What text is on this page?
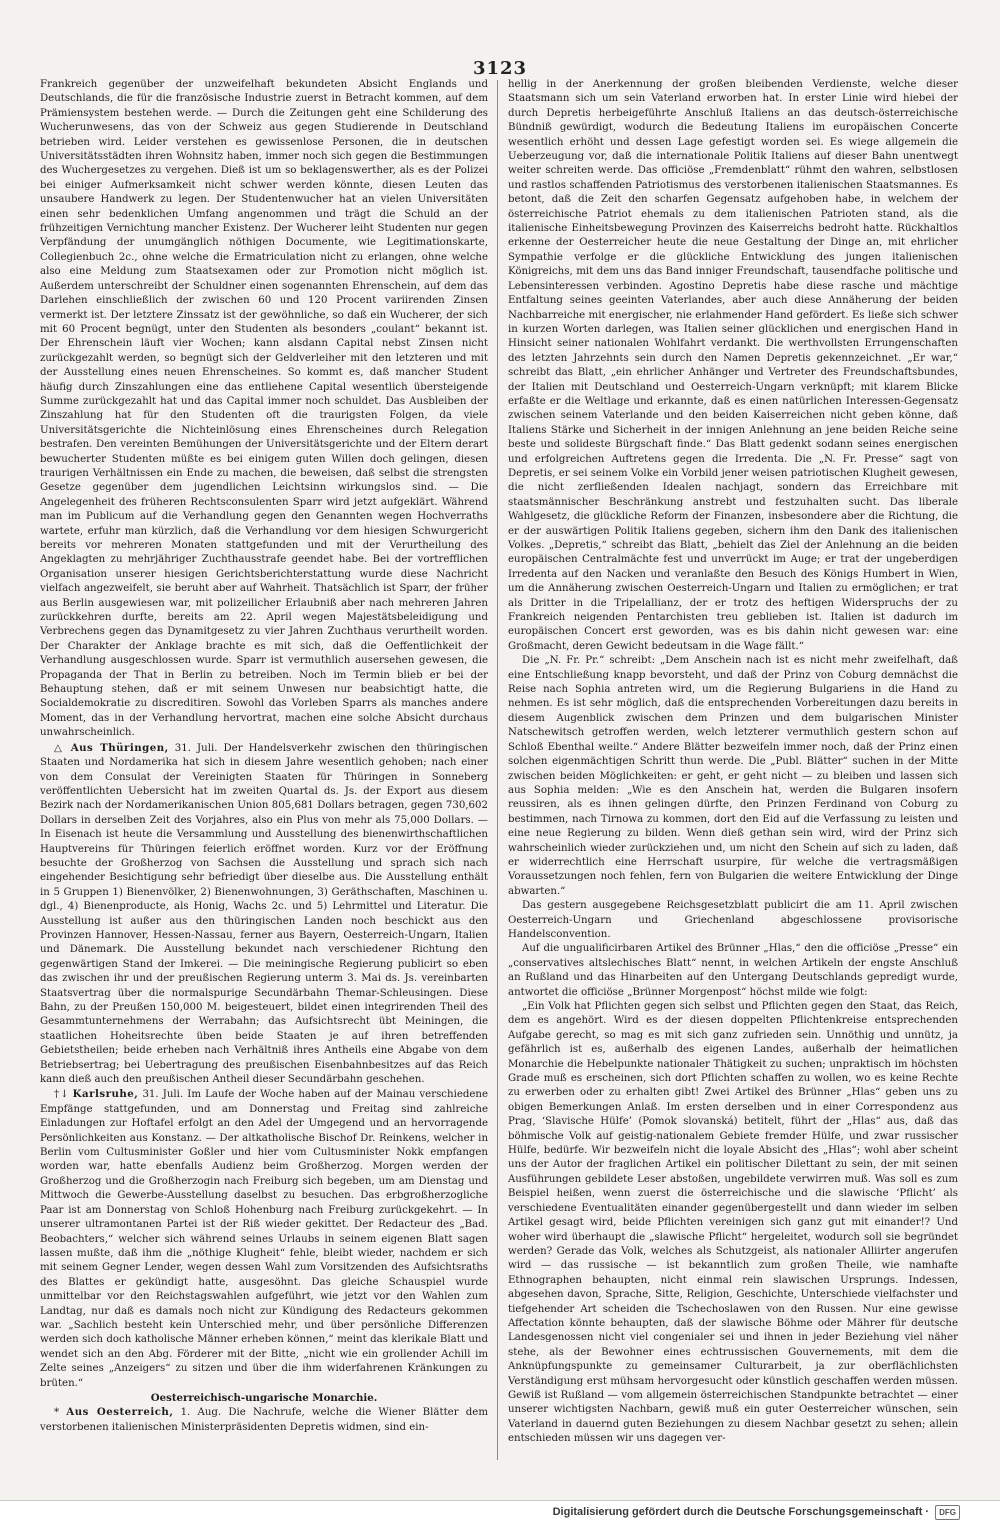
3123

Frankreich gegenüber der unzweifelhaft bekundeten Absicht Englands und Deutschlands, die für die französische Industrie zuerst in Betracht kommen, auf dem Prämiensystem bestehen werde. — Durch die Zeitungen geht eine Schilderung des Wucherunwesens, das von der Schweiz aus gegen Studierende in Deutschland betrieben wird. Leider verstehen es gewissenlose Personen, die in deutschen Universitätsstädten ihren Wohnsitz haben, immer noch sich gegen die Bestimmungen des Wuchergesetzes zu vergehen. Dieß ist um so beklagenswerther, als es der Polizei bei einiger Aufmerksamkeit nicht schwer werden könnte, diesen Leuten das unsaubere Handwerk zu legen. Der Studentenwucher hat an vielen Universitäten einen sehr bedenklichen Umfang angenommen und trägt die Schuld an der frühzeitigen Vernichtung mancher Existenz. Der Wucherer leiht Studenten nur gegen Verpfändung der unumgänglich nöthigen Documente, wie Legitimationskarte, Collegienbuch 2c., ohne welche die Ermatriculation nicht zu erlangen, ohne welche also eine Meldung zum Staatsexamen oder zur Promotion nicht möglich ist. Außerdem unterschreibt der Schuldner einen sogenannten Ehrenschein, auf dem das Darlehen einschließlich der zwischen 60 und 120 Procent variirenden Zinsen vermerkt ist. Der letztere Zinssatz ist der gewöhnliche, so daß ein Wucherer, der sich mit 60 Procent begnügt, unter den Studenten als besonders „coulant“ bekannt ist. Der Ehrenschein läuft vier Wochen; kann alsdann Capital nebst Zinsen nicht zurückgezahlt werden, so begnügt sich der Geldverleiher mit den letzteren und mit der Ausstellung eines neuen Ehrenscheines. So kommt es, daß mancher Student häufig durch Zinszahlungen eine das entliehene Capital wesentlich übersteigende Summe zurückgezahlt hat und das Capital immer noch schuldet. Das Ausbleiben der Zinszahlung hat für den Studenten oft die traurigsten Folgen, da viele Universitätsgerichte die Nichteinlösung eines Ehrenscheines durch Relegation bestrafen. Den vereinten Bemühungen der Universitätsgerichte und der Eltern derart bewucherter Studenten müßte es bei einigem guten Willen doch gelingen, diesen traurigen Verhältnissen ein Ende zu machen, die beweisen, daß selbst die strengsten Gesetze gegenüber dem jugendlichen Leichtsinn wirkungslos sind. — Die Angelegenheit des früheren Rechtsconsulenten Sparr wird jetzt aufgeklärt. Während man im Publicum auf die Verhandlung gegen den Genannten wegen Hochverraths wartete, erfuhr man kürzlich, daß die Verhandlung vor dem hiesigen Schwurgericht bereits vor mehreren Monaten stattgefunden und mit der Verurtheilung des Angeklagten zu mehrjähriger Zuchthausstrafe geendet habe. Bei der vortrefflichen Organisation unserer hiesigen Gerichtsberichterstattung wurde diese Nachricht vielfach angezweifelt, sie beruht aber auf Wahrheit. Thatsächlich ist Sparr, der früher aus Berlin ausgewiesen war, mit polizeilicher Erlaubniß aber nach mehreren Jahren zurückkehren durfte, bereits am 22. April wegen Majestätsbeleidigung und Verbrechens gegen das Dynamitgesetz zu vier Jahren Zuchthaus verurtheilt worden. Der Charakter der Anklage brachte es mit sich, daß die Oeffentlichkeit der Verhandlung ausgeschlossen wurde. Sparr ist vermuthlich ausersehen gewesen, die Propaganda der That in Berlin zu betreiben. Noch im Termin blieb er bei der Behauptung stehen, daß er mit seinem Unwesen nur beabsichtigt hatte, die Socialdemokratie zu discreditiren. Sowohl das Vorleben Sparrs als manches andere Moment, das in der Verhandlung hervortrat, machen eine solche Absicht durchaus unwahrscheinlich.

△ Aus Thüringen, 31. Juli. Der Handelsverkehr zwischen den thüringischen Staaten und Nordamerika hat sich in diesem Jahre wesentlich gehoben; nach einer von dem Consulat der Vereinigten Staaten für Thüringen in Sonneberg veröffentlichten Uebersicht hat im zweiten Quartal ds. Js. der Export aus diesem Bezirk nach der Nordamerikanischen Union 805,681 Dollars betragen, gegen 730,602 Dollars in derselben Zeit des Vorjahres, also ein Plus von mehr als 75,000 Dollars. — In Eisenach ist heute die Versammlung und Ausstellung des bienenwirthschaftlichen Hauptvereins für Thüringen feierlich eröffnet worden. Kurz vor der Eröffnung besuchte der Großherzog von Sachsen die Ausstellung und sprach sich nach eingehender Besichtigung sehr befriedigt über dieselbe aus. Die Ausstellung enthält in 5 Gruppen 1) Bienenvölker, 2) Bienenwohnungen, 3) Geräthschaften, Maschinen u. dgl., 4) Bienenproducte, als Honig, Wachs 2c. und 5) Lehrmittel und Literatur. Die Ausstellung ist außer aus den thüringischen Landen noch beschickt aus den Provinzen Hannover, Hessen-Nassau, ferner aus Bayern, Oesterreich-Ungarn, Italien und Dänemark. Die Ausstellung bekundet nach verschiedener Richtung den gegenwärtigen Stand der Imkerei. — Die meiningische Regierung publicirt so eben das zwischen ihr und der preußischen Regierung unterm 3. Mai ds. Js. vereinbarten Staatsvertrag über die normalspurige Secundärbahn Themar-Schleusingen. Diese Bahn, zu der Preußen 150,000 M. beigesteuert, bildet einen integrirenden Theil des Gesammtunternehmens der Werrabahn; das Aufsichtsrecht übt Meiningen, die staatlichen Hoheitsrechte üben beide Staaten je auf ihren betreffenden Gebietstheilen; beide erheben nach Verhältniß ihres Antheils eine Abgabe von dem Betriebsertrag; bei Uebertragung des preußischen Eisenbahnbesitzes auf das Reich kann dieß auch den preußischen Antheil dieser Secundärbahn geschehen.

†↓ Karlsruhe, 31. Juli. Im Laufe der Woche haben auf der Mainau verschiedene Empfänge stattgefunden, und am Donnerstag und Freitag sind zahlreiche Einladungen zur Hoftafel erfolgt an den Adel der Umgegend und an hervorragende Persönlichkeiten aus Konstanz. — Der altkatholische Bischof Dr. Reinkens, welcher in Berlin vom Cultusminister Goßler und hier vom Cultusminister Nokk empfangen worden war, hatte ebenfalls Audienz beim Großherzog. Morgen werden der Großherzog und die Großherzogin nach Freiburg sich begeben, um am Dienstag und Mittwoch die Gewerbe-Ausstellung daselbst zu besuchen. Das erbgroßherzogliche Paar ist am Donnerstag von Schloß Hohenburg nach Freiburg zurückgekehrt. — In unserer ultramontanen Partei ist der Riß wieder gekittet. Der Redacteur des „Bad. Beobachters,“ welcher sich während seines Urlaubs in seinem eigenen Blatt sagen lassen mußte, daß ihm die „nöthige Klugheit“ fehle, bleibt wieder, nachdem er sich mit seinem Gegner Lender, wegen dessen Wahl zum Vorsitzenden des Aufsichtsraths des Blattes er gekündigt hatte, ausgesöhnt. Das gleiche Schauspiel wurde unmittelbar vor den Reichstagswahlen aufgeführt, wie jetzt vor den Wahlen zum Landtag, nur daß es damals noch nicht zur Kündigung des Redacteurs gekommen war. „Sachlich besteht kein Unterschied mehr, und über persönliche Differenzen werden sich doch katholische Männer erheben können,“ meint das klerikale Blatt und wendet sich an den Abg. Förderer mit der Bitte, „nicht wie ein grollender Achill im Zelte seines „Anzeigers“ zu sitzen und über die ihm widerfahrenen Kränkungen zu brüten.“

Oesterreichisch-ungarische Monarchie.

* Aus Oesterreich, 1. Aug. Die Nachrufe, welche die Wiener Blätter dem verstorbenen italienischen Ministerpräsidenten Depretis widmen, sind ein-

hellig in der Anerkennung der großen bleibenden Verdienste, welche dieser Staatsmann sich um sein Vaterland erworben hat. In erster Linie wird hiebei der durch Depretis herbeigeführte Anschluß Italiens an das deutsch-österreichische Bündniß gewürdigt, wodurch die Bedeutung Italiens im europäischen Concerte wesentlich erhöht und dessen Lage gefestigt worden sei. Es wiege allgemein die Ueberzeugung vor, daß die internationale Politik Italiens auf dieser Bahn unentwegt weiter schreiten werde. Das officiöse „Fremdenblatt“ rühmt den wahren, selbstlosen und rastlos schaffenden Patriotismus des verstorbenen italienischen Staatsmannes. Es betont, daß die Zeit den scharfen Gegensatz aufgehoben habe, in welchem der österreichische Patriot ehemals zu dem italienischen Patrioten stand, als die italienische Einheitsbewegung Provinzen des Kaiserreichs bedroht hatte. Rückhaltlos erkenne der Oesterreicher heute die neue Gestaltung der Dinge an, mit ehrlicher Sympathie verfolge er die glückliche Entwicklung des jungen italienischen Königreichs, mit dem uns das Band inniger Freundschaft, tausendfache politische und Lebensinteressen verbinden. Agostino Depretis habe diese rasche und mächtige Entfaltung seines geeinten Vaterlandes, aber auch diese Annäherung der beiden Nachbarreiche mit energischer, nie erlahmender Hand gefördert. Es ließe sich schwer in kurzen Worten darlegen, was Italien seiner glücklichen und energischen Hand in Hinsicht seiner nationalen Wohlfahrt verdankt. Die werthvollsten Errungenschaften des letzten Jahrzehnts sein durch den Namen Depretis gekennzeichnet. „Er war,“ schreibt das Blatt, „ein ehrlicher Anhänger und Vertreter des Freundschaftsbundes, der Italien mit Deutschland und Oesterreich-Ungarn verknüpft; mit klarem Blicke erfaßte er die Weltlage und erkannte, daß es einen natürlichen Interessen-Gegensatz zwischen seinem Vaterlande und den beiden Kaiserreichen nicht geben könne, daß Italiens Stärke und Sicherheit in der innigen Anlehnung an jene beiden Reiche seine beste und solideste Bürgschaft finde.“ Das Blatt gedenkt sodann seines energischen und erfolgreichen Auftretens gegen die Irredenta. Die „N. Fr. Presse“ sagt von Depretis, er sei seinem Volke ein Vorbild jener weisen patriotischen Klugheit gewesen, die nicht zerfließenden Idealen nachjagt, sondern das Erreichbare mit staatsmännischer Beschränkung anstrebt und festzuhalten sucht. Das liberale Wahlgesetz, die glückliche Reform der Finanzen, insbesondere aber die Richtung, die er der auswärtigen Politik Italiens gegeben, sichern ihm den Dank des italienischen Volkes. „Depretis,“ schreibt das Blatt, „behielt das Ziel der Anlehnung an die beiden europäischen Centralmächte fest und unverrückt im Auge; er trat der ungeberdigen Irredenta auf den Nacken und veranlaßte den Besuch des Königs Humbert in Wien, um die Annäherung zwischen Oesterreich-Ungarn und Italien zu ermöglichen; er trat als Dritter in die Tripelallianz, der er trotz des heftigen Widerspruchs der zu Frankreich neigenden Pentarchisten treu geblieben ist. Italien ist dadurch im europäischen Concert erst geworden, was es bis dahin nicht gewesen war: eine Großmacht, deren Gewicht bedeutsam in die Wage fällt.“

Die „N. Fr. Pr.“ schreibt: „Dem Anschein nach ist es nicht mehr zweifelhaft, daß eine Entschließung knapp bevorsteht, und daß der Prinz von Coburg demnächst die Reise nach Sophia antreten wird, um die Regierung Bulgariens in die Hand zu nehmen. Es ist sehr möglich, daß die entsprechenden Vorbereitungen dazu bereits in diesem Augenblick zwischen dem Prinzen und dem bulgarischen Minister Natschewitsch getroffen werden, welch letzterer vermuthlich gestern schon auf Schloß Ebenthal weilte.“ Andere Blätter bezweifeln immer noch, daß der Prinz einen solchen eigenmächtigen Schritt thun werde. Die „Publ. Blätter“ suchen in der Mitte zwischen beiden Möglichkeiten: er geht, er geht nicht — zu bleiben und lassen sich aus Sophia melden: „Wie es den Anschein hat, werden die Bulgaren insofern reussiren, als es ihnen gelingen dürfte, den Prinzen Ferdinand von Coburg zu bestimmen, nach Tirnowa zu kommen, dort den Eid auf die Verfassung zu leisten und eine neue Regierung zu bilden. Wenn dieß gethan sein wird, wird der Prinz sich wahrscheinlich wieder zurückziehen und, um nicht den Schein auf sich zu laden, daß er widerrechtlich eine Herrschaft usurpire, für welche die vertragsmäßigen Voraussetzungen noch fehlen, fern von Bulgarien die weitere Entwicklung der Dinge abwarten.“

Das gestern ausgegebene Reichsgesetzblatt publicirt die am 11. April zwischen Oesterreich-Ungarn und Griechenland abgeschlossene provisorische Handelsconvention.

Auf die ungualificirbaren Artikel des Brünner „Hlas,“ den die officiöse „Presse“ ein „conservatives altslechisches Blatt“ nennt, in welchen Artikeln der engste Anschluß an Rußland und das Hinarbeiten auf den Untergang Deutschlands gepredigt wurde, antwortet die officiöse „Brünner Morgenpost“ höchst milde wie folgt:

„Ein Volk hat Pflichten gegen sich selbst und Pflichten gegen den Staat, das Reich, dem es angehört. Wird es der diesen doppelten Pflichtenkreise entsprechenden Aufgabe gerecht, so mag es mit sich ganz zufrieden sein. Unnöthig und unnütz, ja gefährlich ist es, außerhalb des eigenen Landes, außerhalb der heimatlichen Monarchie die Hebelpunkte nationaler Thätigkeit zu suchen; unpraktisch im höchsten Grade muß es erscheinen, sich dort Pflichten schaffen zu wollen, wo es keine Rechte zu erwerben oder zu erhalten gibt! Zwei Artikel des Brünner „Hlas“ geben uns zu obigen Bemerkungen Anlaß. Im ersten derselben und in einer Correspondenz aus Prag, ‘Slavische Hülfe’ (Pomok slovanská) betitelt, führt der „Hlas“ aus, daß das böhmische Volk auf geistig-nationalem Gebiete fremder Hülfe, und zwar russischer Hülfe, bedürfe. Wir bezweifeln nicht die loyale Absicht des „Hlas“; wohl aber scheint uns der Autor der fraglichen Artikel ein politischer Dilettant zu sein, der mit seinen Ausführungen gebildete Leser abstoßen, ungebildete verwirren muß. Was soll es zum Beispiel heißen, wenn zuerst die österreichische und die slawische ‘Pflicht’ als verschiedene Eventualitäten einander gegenübergestellt und dann wieder im selben Artikel gesagt wird, beide Pflichten vereinigen sich ganz gut mit einander!? Und woher wird überhaupt die „slawische Pflicht“ hergeleitet, wodurch soll sie begründet werden? Gerade das Volk, welches als Schutzgeist, als nationaler Alliirter angerufen wird — das russische — ist bekanntlich zum großen Theile, wie namhafte Ethnographen behaupten, nicht einmal rein slawischen Ursprungs. Indessen, abgesehen davon, Sprache, Sitte, Religion, Geschichte, Unterschiede vielfachster und tiefgehender Art scheiden die Tschechoslawen von den Russen. Nur eine gewisse Affectation könnte behaupten, daß der slawische Böhme oder Mährer für deutsche Landesgenossen nicht viel congenialer sei und ihnen in jeder Beziehung viel näher stehe, als der Bewohner eines echtrussischen Gouvernements, mit dem die Anknüpfungspunkte zu gemeinsamer Culturarbeit, ja zur oberflächlichsten Verständigung erst mühsam hervorgesucht oder künstlich geschaffen werden müssen. Gewiß ist Rußland — vom allgemein österreichischen Standpunkte betrachtet — einer unserer wichtigsten Nachbarn, gewiß muß ein guter Oesterreicher wünschen, sein Vaterland in dauernd guten Beziehungen zu diesem Nachbar gesetzt zu sehen; allein entschieden müssen wir uns dagegen ver-

Digitalisierung gefördert durch die Deutsche Forschungsgemeinschaft ·	DFG
